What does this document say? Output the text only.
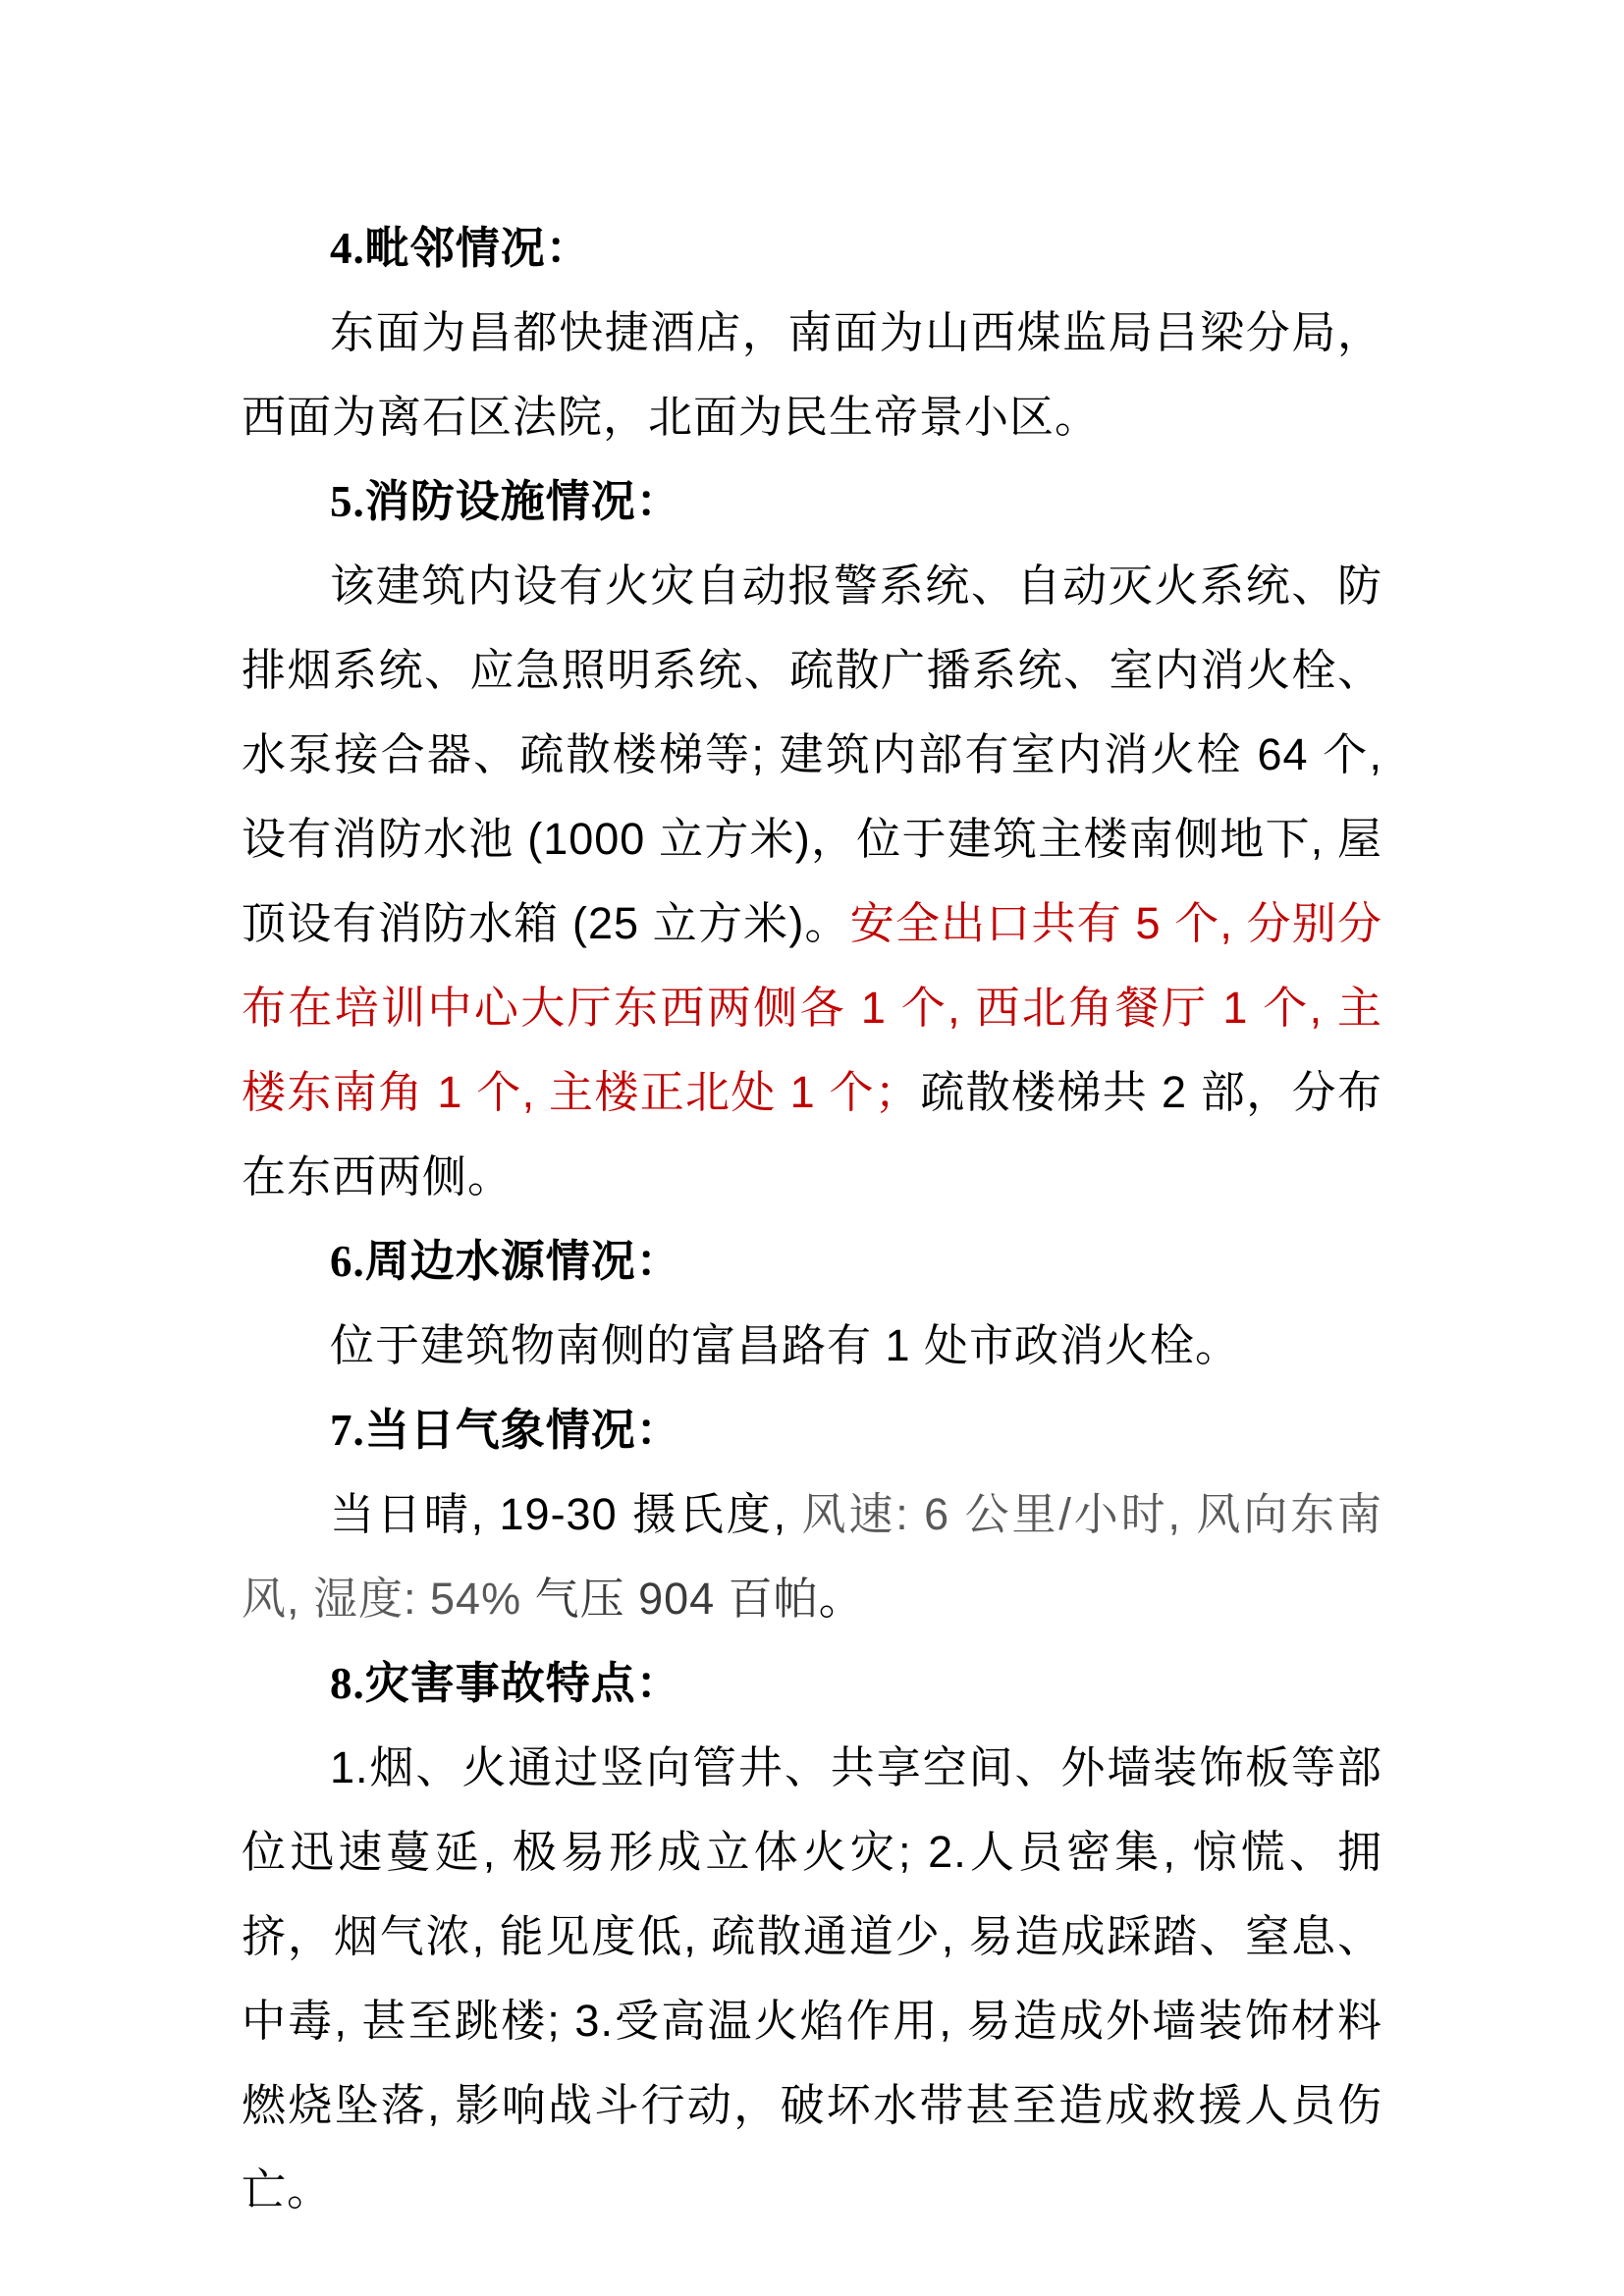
4.毗邻情况：
东面为昌都快捷酒店，南面为山西煤监局吕梁分局，西面为离石区法院，北面为民生帝景小区。
5.消防设施情况：
该建筑内设有火灾自动报警系统、自动灭火系统、防排烟系统、应急照明系统、疏散广播系统、室内消火栓、水泵接合器、疏散楼梯等; 建筑内部有室内消火栓 64 个, 设有消防水池 (1000 立方米)，位于建筑主楼南侧地下, 屋顶设有消防水箱 (25 立方米)。安全出口共有 5 个, 分别分布在培训中心大厅东西两侧各 1 个, 西北角餐厅 1 个, 主楼东南角 1 个, 主楼正北处 1 个；疏散楼梯共 2 部，分布在东西两侧。
6.周边水源情况：
位于建筑物南侧的富昌路有 1 处市政消火栓。
7.当日气象情况：
当日晴, 19-30 摄氏度, 风速: 6 公里/小时, 风向东南风, 湿度: 54% 气压 904 百帕。
8.灾害事故特点：
1.烟、火通过竖向管井、共享空间、外墙装饰板等部位迅速蔓延, 极易形成立体火灾; 2.人员密集, 惊慌、拥挤，烟气浓, 能见度低, 疏散通道少, 易造成踩踏、窒息、中毒, 甚至跳楼; 3.受高温火焰作用, 易造成外墙装饰材料燃烧坠落, 影响战斗行动，破坏水带甚至造成救援人员伤亡。
